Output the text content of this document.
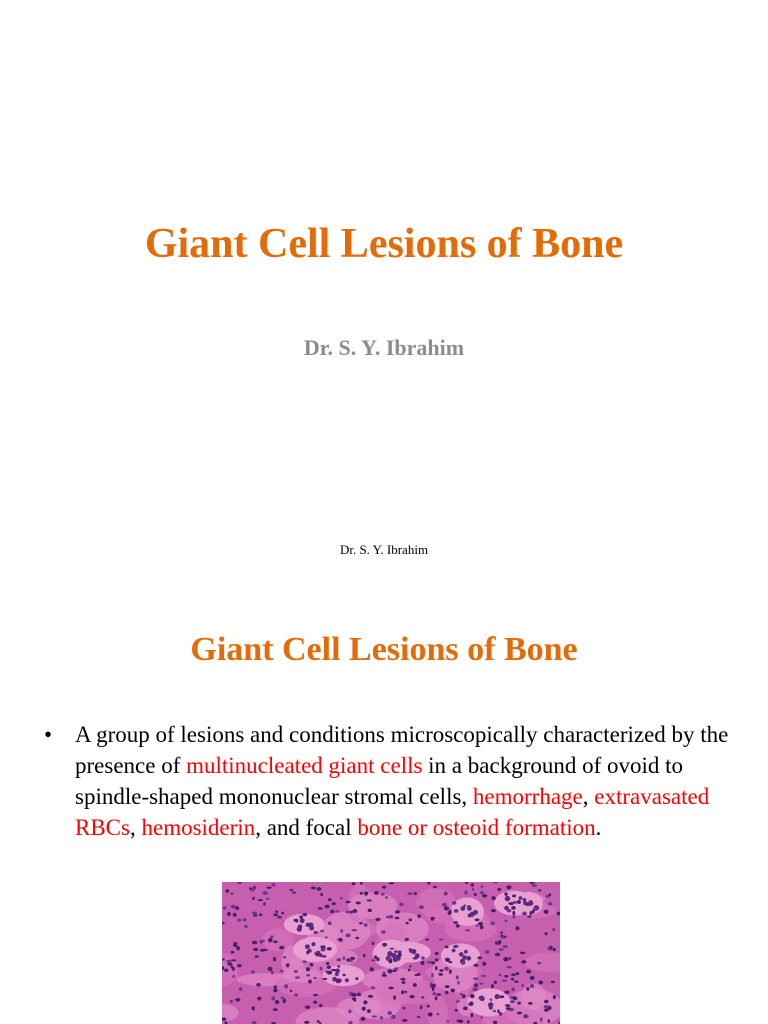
Giant Cell Lesions of Bone
Dr. S. Y. Ibrahim
Dr. S. Y. Ibrahim
Giant Cell Lesions of Bone
• A group of lesions and conditions microscopically characterized by the presence of multinucleated giant cells in a background of ovoid to spindle-shaped mononuclear stromal cells, hemorrhage, extravasated RBCs, hemosiderin, and focal bone or osteoid formation.
